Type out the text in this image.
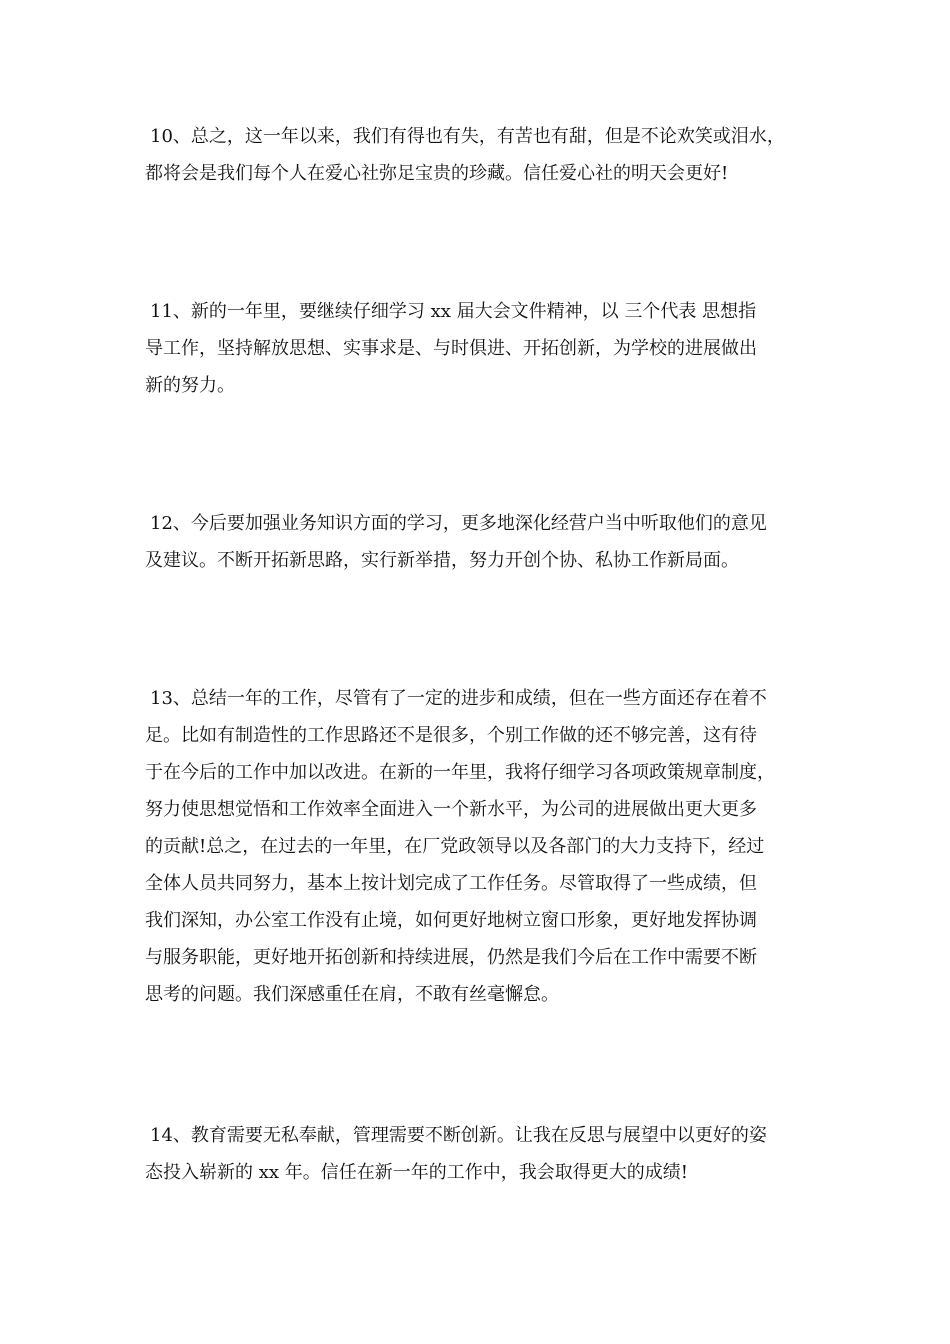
10、总之，这一年以来，我们有得也有失，有苦也有甜，但是不论欢笑或泪水，
都将会是我们每个人在爱心社弥足宝贵的珍藏。信任爱心社的明天会更好!

11、新的一年里，要继续仔细学习 xx 届大会文件精神，以 三个代表 思想指
导工作，坚持解放思想、实事求是、与时俱进、开拓创新，为学校的进展做出
新的努力。

12、今后要加强业务知识方面的学习，更多地深化经营户当中听取他们的意见
及建议。不断开拓新思路，实行新举措，努力开创个协、私协工作新局面。

13、总结一年的工作，尽管有了一定的进步和成绩，但在一些方面还存在着不
足。比如有制造性的工作思路还不是很多，个别工作做的还不够完善，这有待
于在今后的工作中加以改进。在新的一年里，我将仔细学习各项政策规章制度，
努力使思想觉悟和工作效率全面进入一个新水平，为公司的进展做出更大更多
的贡献!总之，在过去的一年里，在厂党政领导以及各部门的大力支持下，经过
全体人员共同努力，基本上按计划完成了工作任务。尽管取得了一些成绩，但
我们深知，办公室工作没有止境，如何更好地树立窗口形象，更好地发挥协调
与服务职能，更好地开拓创新和持续进展，仍然是我们今后在工作中需要不断
思考的问题。我们深感重任在肩，不敢有丝毫懈怠。

14、教育需要无私奉献，管理需要不断创新。让我在反思与展望中以更好的姿
态投入崭新的 xx 年。信任在新一年的工作中，我会取得更大的成绩!
